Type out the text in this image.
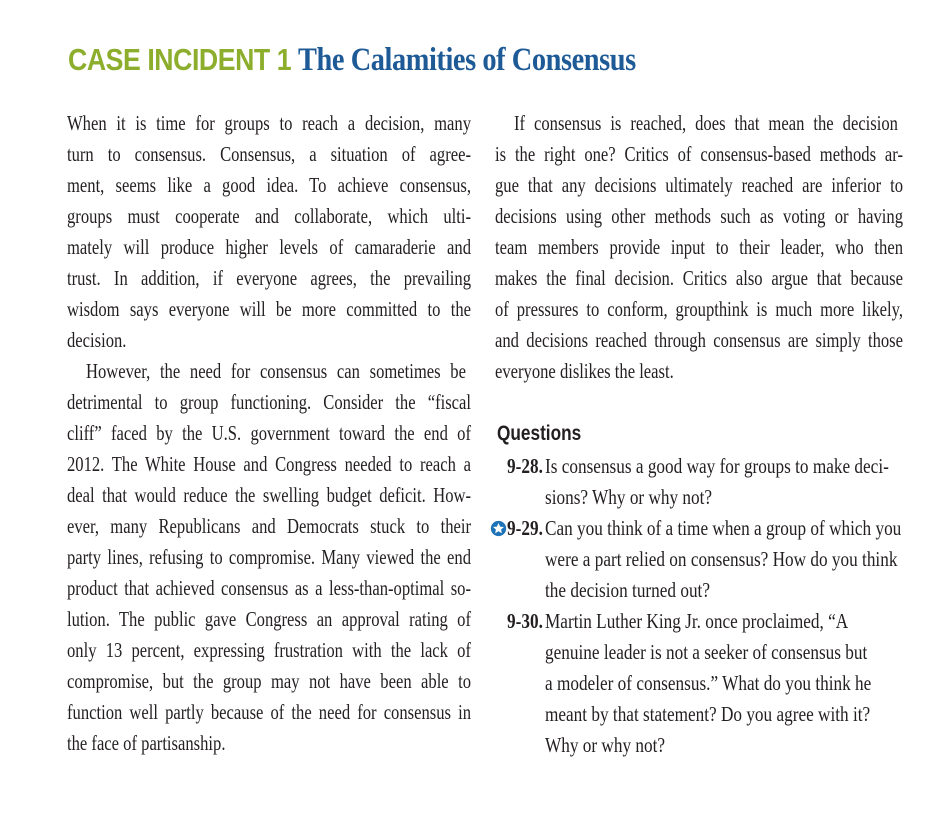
CASE INCIDENT 1 The Calamities of Consensus
When it is time for groups to reach a decision, many
turn to consensus. Consensus, a situation of agree-
ment, seems like a good idea. To achieve consensus,
groups must cooperate and collaborate, which ulti-
mately will produce higher levels of camaraderie and
trust. In addition, if everyone agrees, the prevailing
wisdom says everyone will be more committed to the
decision.
However, the need for consensus can sometimes be
detrimental to group functioning. Consider the “fiscal
cliff” faced by the U.S. government toward the end of
2012. The White House and Congress needed to reach a
deal that would reduce the swelling budget deficit. How-
ever, many Republicans and Democrats stuck to their
party lines, refusing to compromise. Many viewed the end
product that achieved consensus as a less-than-optimal so-
lution. The public gave Congress an approval rating of
only 13 percent, expressing frustration with the lack of
compromise, but the group may not have been able to
function well partly because of the need for consensus in
the face of partisanship.
If consensus is reached, does that mean the decision
is the right one? Critics of consensus-based methods ar-
gue that any decisions ultimately reached are inferior to
decisions using other methods such as voting or having
team members provide input to their leader, who then
makes the final decision. Critics also argue that because
of pressures to conform, groupthink is much more likely,
and decisions reached through consensus are simply those
everyone dislikes the least.
Questions
9-28. Is consensus a good way for groups to make deci-
sions? Why or why not?
9-29. Can you think of a time when a group of which you
were a part relied on consensus? How do you think
the decision turned out?
9-30. Martin Luther King Jr. once proclaimed, “A
genuine leader is not a seeker of consensus but
a modeler of consensus.” What do you think he
meant by that statement? Do you agree with it?
Why or why not?
